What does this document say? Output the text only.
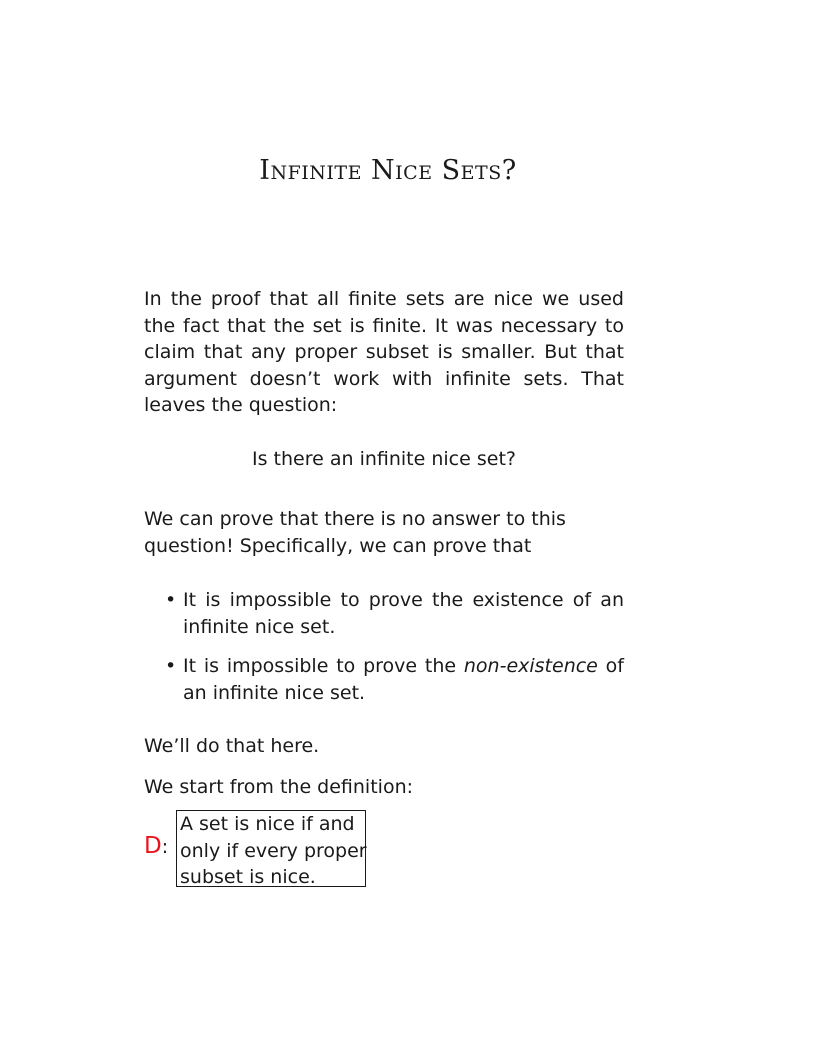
Infinite Nice Sets?
In the proof that all finite sets are nice we used the fact that the set is finite. It was necessary to claim that any proper subset is smaller. But that argument doesn’t work with infinite sets. That leaves the question:
Is there an infinite nice set?
We can prove that there is no answer to this question! Specifically, we can prove that
• It is impossible to prove the existence of an infinite nice set.
• It is impossible to prove the non-existence of an infinite nice set.
We’ll do that here.
We start from the definition:
D:
A set is nice if and
only if every proper
subset is nice.
